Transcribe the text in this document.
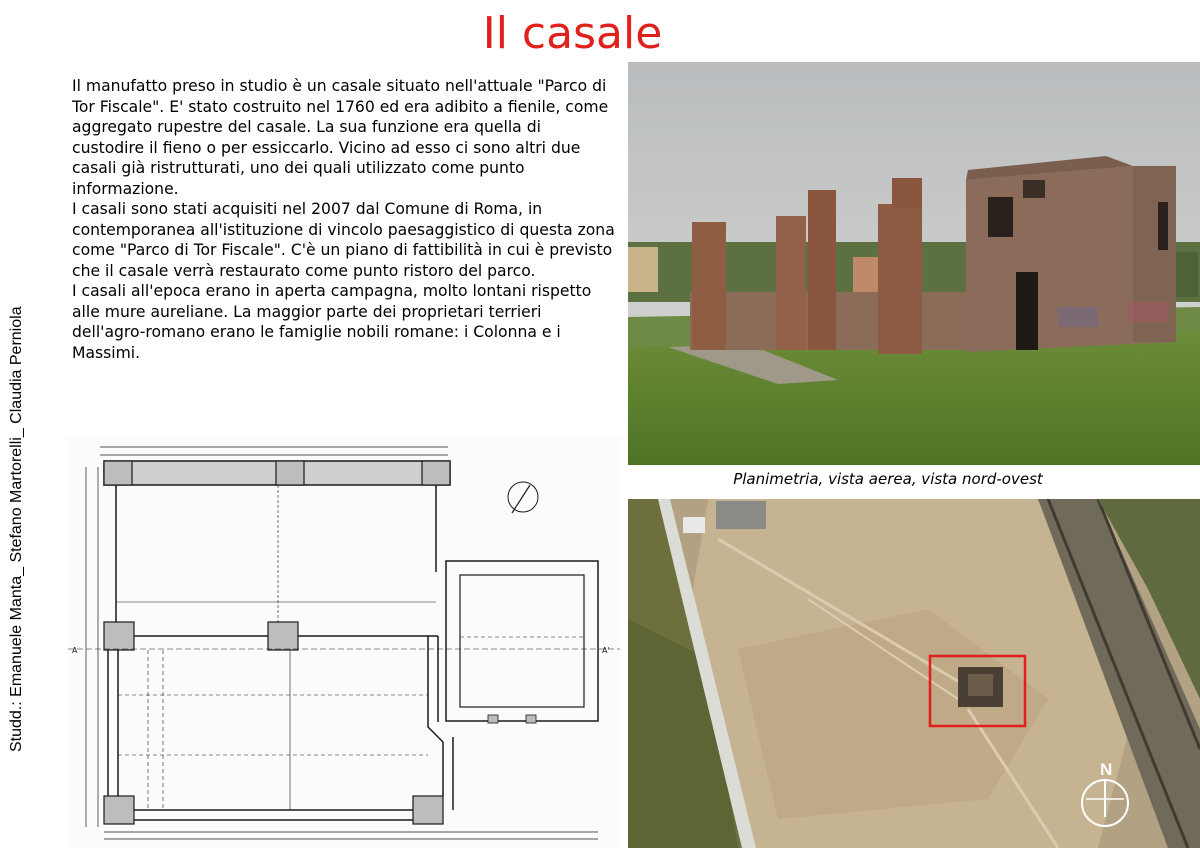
Il casale
Studd.: Emanuele Manta_ Stefano Martorelli_ Claudia Perniola

Il manufatto preso in studio è un casale situato nell'attuale "Parco di Tor Fiscale". E' stato costruito nel 1760 ed era adibito a fienile, come aggregato rupestre del casale. La sua funzione era quella di custodire il fieno o per essiccarlo. Vicino ad esso ci sono altri due casali già ristrutturati, uno dei quali utilizzato come punto informazione.

I casali sono stati acquisiti nel 2007 dal Comune di Roma, in contemporanea all'istituzione di vincolo paesaggistico di questa zona come "Parco di Tor Fiscale". C'è un piano di fattibilità in cui è previsto che il casale verrà restaurato come punto ristoro del parco.

I casali all'epoca erano in aperta campagna, molto lontani rispetto alle mure aureliane. La maggior parte dei proprietari terrieri dell'agro-romano erano le famiglie nobili romane: i Colonna e i Massimi.

Planimetria, vista aerea, vista nord-ovest
N
A	A'
